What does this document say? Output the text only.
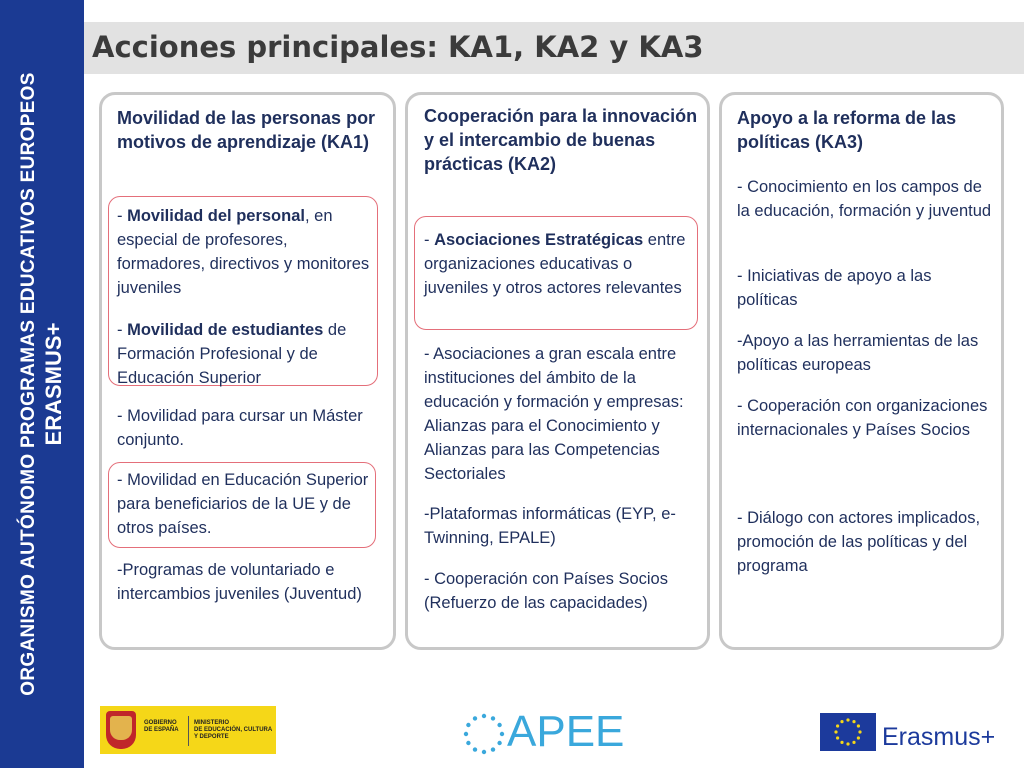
ORGANISMO AUTÓNOMO PROGRAMAS EDUCATIVOS EUROPEOS ERASMUS+
Acciones principales: KA1, KA2 y KA3
Movilidad de las personas por motivos de aprendizaje (KA1)
- Movilidad del personal, en especial de profesores, formadores, directivos y monitores juveniles
- Movilidad de estudiantes de Formación Profesional y de Educación Superior
- Movilidad para cursar un Máster conjunto.
- Movilidad en Educación Superior para beneficiarios de la UE y de otros países.
-Programas de voluntariado e intercambios juveniles (Juventud)
Cooperación para la innovación y el intercambio de buenas prácticas (KA2)
- Asociaciones Estratégicas entre organizaciones educativas o juveniles y otros actores relevantes
- Asociaciones a gran escala entre instituciones del ámbito de la educación y formación y empresas: Alianzas para el Conocimiento y Alianzas para las Competencias Sectoriales
-Plataformas informáticas (EYP, e-Twinning, EPALE)
- Cooperación con Países Socios (Refuerzo de las capacidades)
Apoyo a la reforma de las políticas (KA3)
- Conocimiento en los campos de la educación, formación y juventud
- Iniciativas de apoyo a las políticas
-Apoyo a las herramientas de las políticas europeas
- Cooperación con organizaciones internacionales y Países Socios
- Diálogo con actores implicados, promoción de las políticas y del programa
GOBIERNO
DE ESPAÑA
MINISTERIO
DE EDUCACIÓN, CULTURA
Y DEPORTE	APEE	Erasmus+
